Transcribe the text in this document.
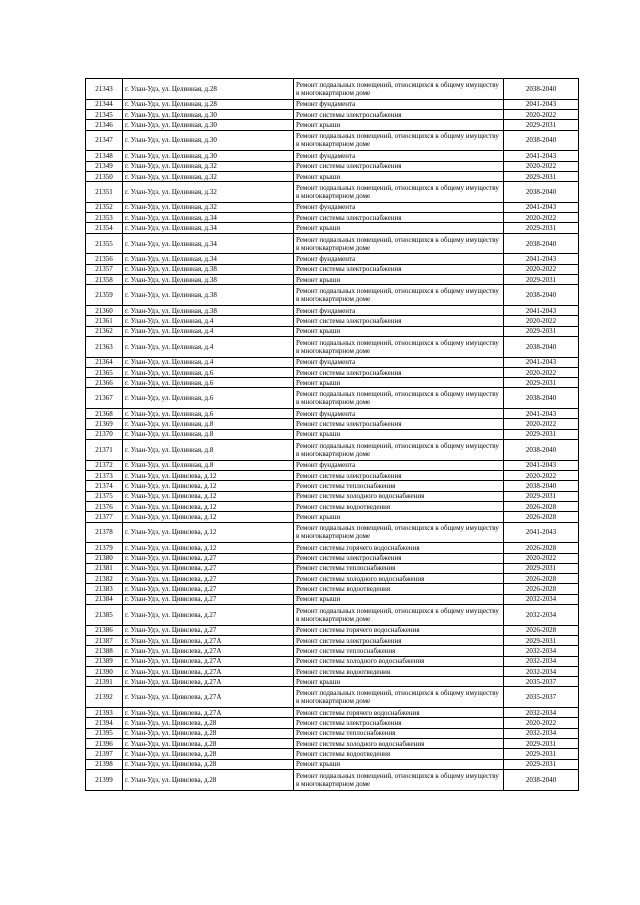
21343	г. Улан-Удэ, ул. Целинная, д.28	Ремонт подвальных помещений, относящихся к общему имуществу в многоквартирном доме	2038-2040
21344	г. Улан-Удэ, ул. Целинная, д.28	Ремонт фундамента	2041-2043
21345	г. Улан-Удэ, ул. Целинная, д.30	Ремонт системы электроснабжения	2020-2022
21346	г. Улан-Удэ, ул. Целинная, д.30	Ремонт крыши	2029-2031
21347	г. Улан-Удэ, ул. Целинная, д.30	Ремонт подвальных помещений, относящихся к общему имуществу в многоквартирном доме	2038-2040
21348	г. Улан-Удэ, ул. Целинная, д.30	Ремонт фундамента	2041-2043
21349	г. Улан-Удэ, ул. Целинная, д.32	Ремонт системы электроснабжения	2020-2022
21350	г. Улан-Удэ, ул. Целинная, д.32	Ремонт крыши	2029-2031
21351	г. Улан-Удэ, ул. Целинная, д.32	Ремонт подвальных помещений, относящихся к общему имуществу в многоквартирном доме	2038-2040
21352	г. Улан-Удэ, ул. Целинная, д.32	Ремонт фундамента	2041-2043
21353	г. Улан-Удэ, ул. Целинная, д.34	Ремонт системы электроснабжения	2020-2022
21354	г. Улан-Удэ, ул. Целинная, д.34	Ремонт крыши	2029-2031
21355	г. Улан-Удэ, ул. Целинная, д.34	Ремонт подвальных помещений, относящихся к общему имуществу в многоквартирном доме	2038-2040
21356	г. Улан-Удэ, ул. Целинная, д.34	Ремонт фундамента	2041-2043
21357	г. Улан-Удэ, ул. Целинная, д.38	Ремонт системы электроснабжения	2020-2022
21358	г. Улан-Удэ, ул. Целинная, д.38	Ремонт крыши	2029-2031
21359	г. Улан-Удэ, ул. Целинная, д.38	Ремонт подвальных помещений, относящихся к общему имуществу в многоквартирном доме	2038-2040
21360	г. Улан-Удэ, ул. Целинная, д.38	Ремонт фундамента	2041-2043
21361	г. Улан-Удэ, ул. Целинная, д.4	Ремонт системы электроснабжения	2020-2022
21362	г. Улан-Удэ, ул. Целинная, д.4	Ремонт крыши	2029-2031
21363	г. Улан-Удэ, ул. Целинная, д.4	Ремонт подвальных помещений, относящихся к общему имуществу в многоквартирном доме	2038-2040
21364	г. Улан-Удэ, ул. Целинная, д.4	Ремонт фундамента	2041-2043
21365	г. Улан-Удэ, ул. Целинная, д.6	Ремонт системы электроснабжения	2020-2022
21366	г. Улан-Удэ, ул. Целинная, д.6	Ремонт крыши	2029-2031
21367	г. Улан-Удэ, ул. Целинная, д.6	Ремонт подвальных помещений, относящихся к общему имуществу в многоквартирном доме	2038-2040
21368	г. Улан-Удэ, ул. Целинная, д.6	Ремонт фундамента	2041-2043
21369	г. Улан-Удэ, ул. Целинная, д.8	Ремонт системы электроснабжения	2020-2022
21370	г. Улан-Удэ, ул. Целинная, д.8	Ремонт крыши	2029-2031
21371	г. Улан-Удэ, ул. Целинная, д.8	Ремонт подвальных помещений, относящихся к общему имуществу в многоквартирном доме	2038-2040
21372	г. Улан-Удэ, ул. Целинная, д.8	Ремонт фундамента	2041-2043
21373	г. Улан-Удэ, ул. Цивилева, д.12	Ремонт системы электроснабжения	2020-2022
21374	г. Улан-Удэ, ул. Цивилева, д.12	Ремонт системы теплоснабжения	2038-2040
21375	г. Улан-Удэ, ул. Цивилева, д.12	Ремонт системы холодного водоснабжения	2029-2031
21376	г. Улан-Удэ, ул. Цивилева, д.12	Ремонт системы водоотведения	2026-2028
21377	г. Улан-Удэ, ул. Цивилева, д.12	Ремонт крыши	2026-2028
21378	г. Улан-Удэ, ул. Цивилева, д.12	Ремонт подвальных помещений, относящихся к общему имуществу в многоквартирном доме	2041-2043
21379	г. Улан-Удэ, ул. Цивилева, д.12	Ремонт системы горячего водоснабжения	2026-2028
21380	г. Улан-Удэ, ул. Цивилева, д.27	Ремонт системы электроснабжения	2020-2022
21381	г. Улан-Удэ, ул. Цивилева, д.27	Ремонт системы теплоснабжения	2029-2031
21382	г. Улан-Удэ, ул. Цивилева, д.27	Ремонт системы холодного водоснабжения	2026-2028
21383	г. Улан-Удэ, ул. Цивилева, д.27	Ремонт системы водоотведения	2026-2028
21384	г. Улан-Удэ, ул. Цивилева, д.27	Ремонт крыши	2032-2034
21385	г. Улан-Удэ, ул. Цивилева, д.27	Ремонт подвальных помещений, относящихся к общему имуществу в многоквартирном доме	2032-2034
21386	г. Улан-Удэ, ул. Цивилева, д.27	Ремонт системы горячего водоснабжения	2026-2028
21387	г. Улан-Удэ, ул. Цивилева, д.27А	Ремонт системы электроснабжения	2029-2031
21388	г. Улан-Удэ, ул. Цивилева, д.27А	Ремонт системы теплоснабжения	2032-2034
21389	г. Улан-Удэ, ул. Цивилева, д.27А	Ремонт системы холодного водоснабжения	2032-2034
21390	г. Улан-Удэ, ул. Цивилева, д.27А	Ремонт системы водоотведения	2032-2034
21391	г. Улан-Удэ, ул. Цивилева, д.27А	Ремонт крыши	2035-2037
21392	г. Улан-Удэ, ул. Цивилева, д.27А	Ремонт подвальных помещений, относящихся к общему имуществу в многоквартирном доме	2035-2037
21393	г. Улан-Удэ, ул. Цивилева, д.27А	Ремонт системы горячего водоснабжения	2032-2034
21394	г. Улан-Удэ, ул. Цивилева, д.28	Ремонт системы электроснабжения	2020-2022
21395	г. Улан-Удэ, ул. Цивилева, д.28	Ремонт системы теплоснабжения	2032-2034
21396	г. Улан-Удэ, ул. Цивилева, д.28	Ремонт системы холодного водоснабжения	2029-2031
21397	г. Улан-Удэ, ул. Цивилева, д.28	Ремонт системы водоотведения	2029-2031
21398	г. Улан-Удэ, ул. Цивилева, д.28	Ремонт крыши	2029-2031
21399	г. Улан-Удэ, ул. Цивилева, д.28	Ремонт подвальных помещений, относящихся к общему имуществу в многоквартирном доме	2038-2040
